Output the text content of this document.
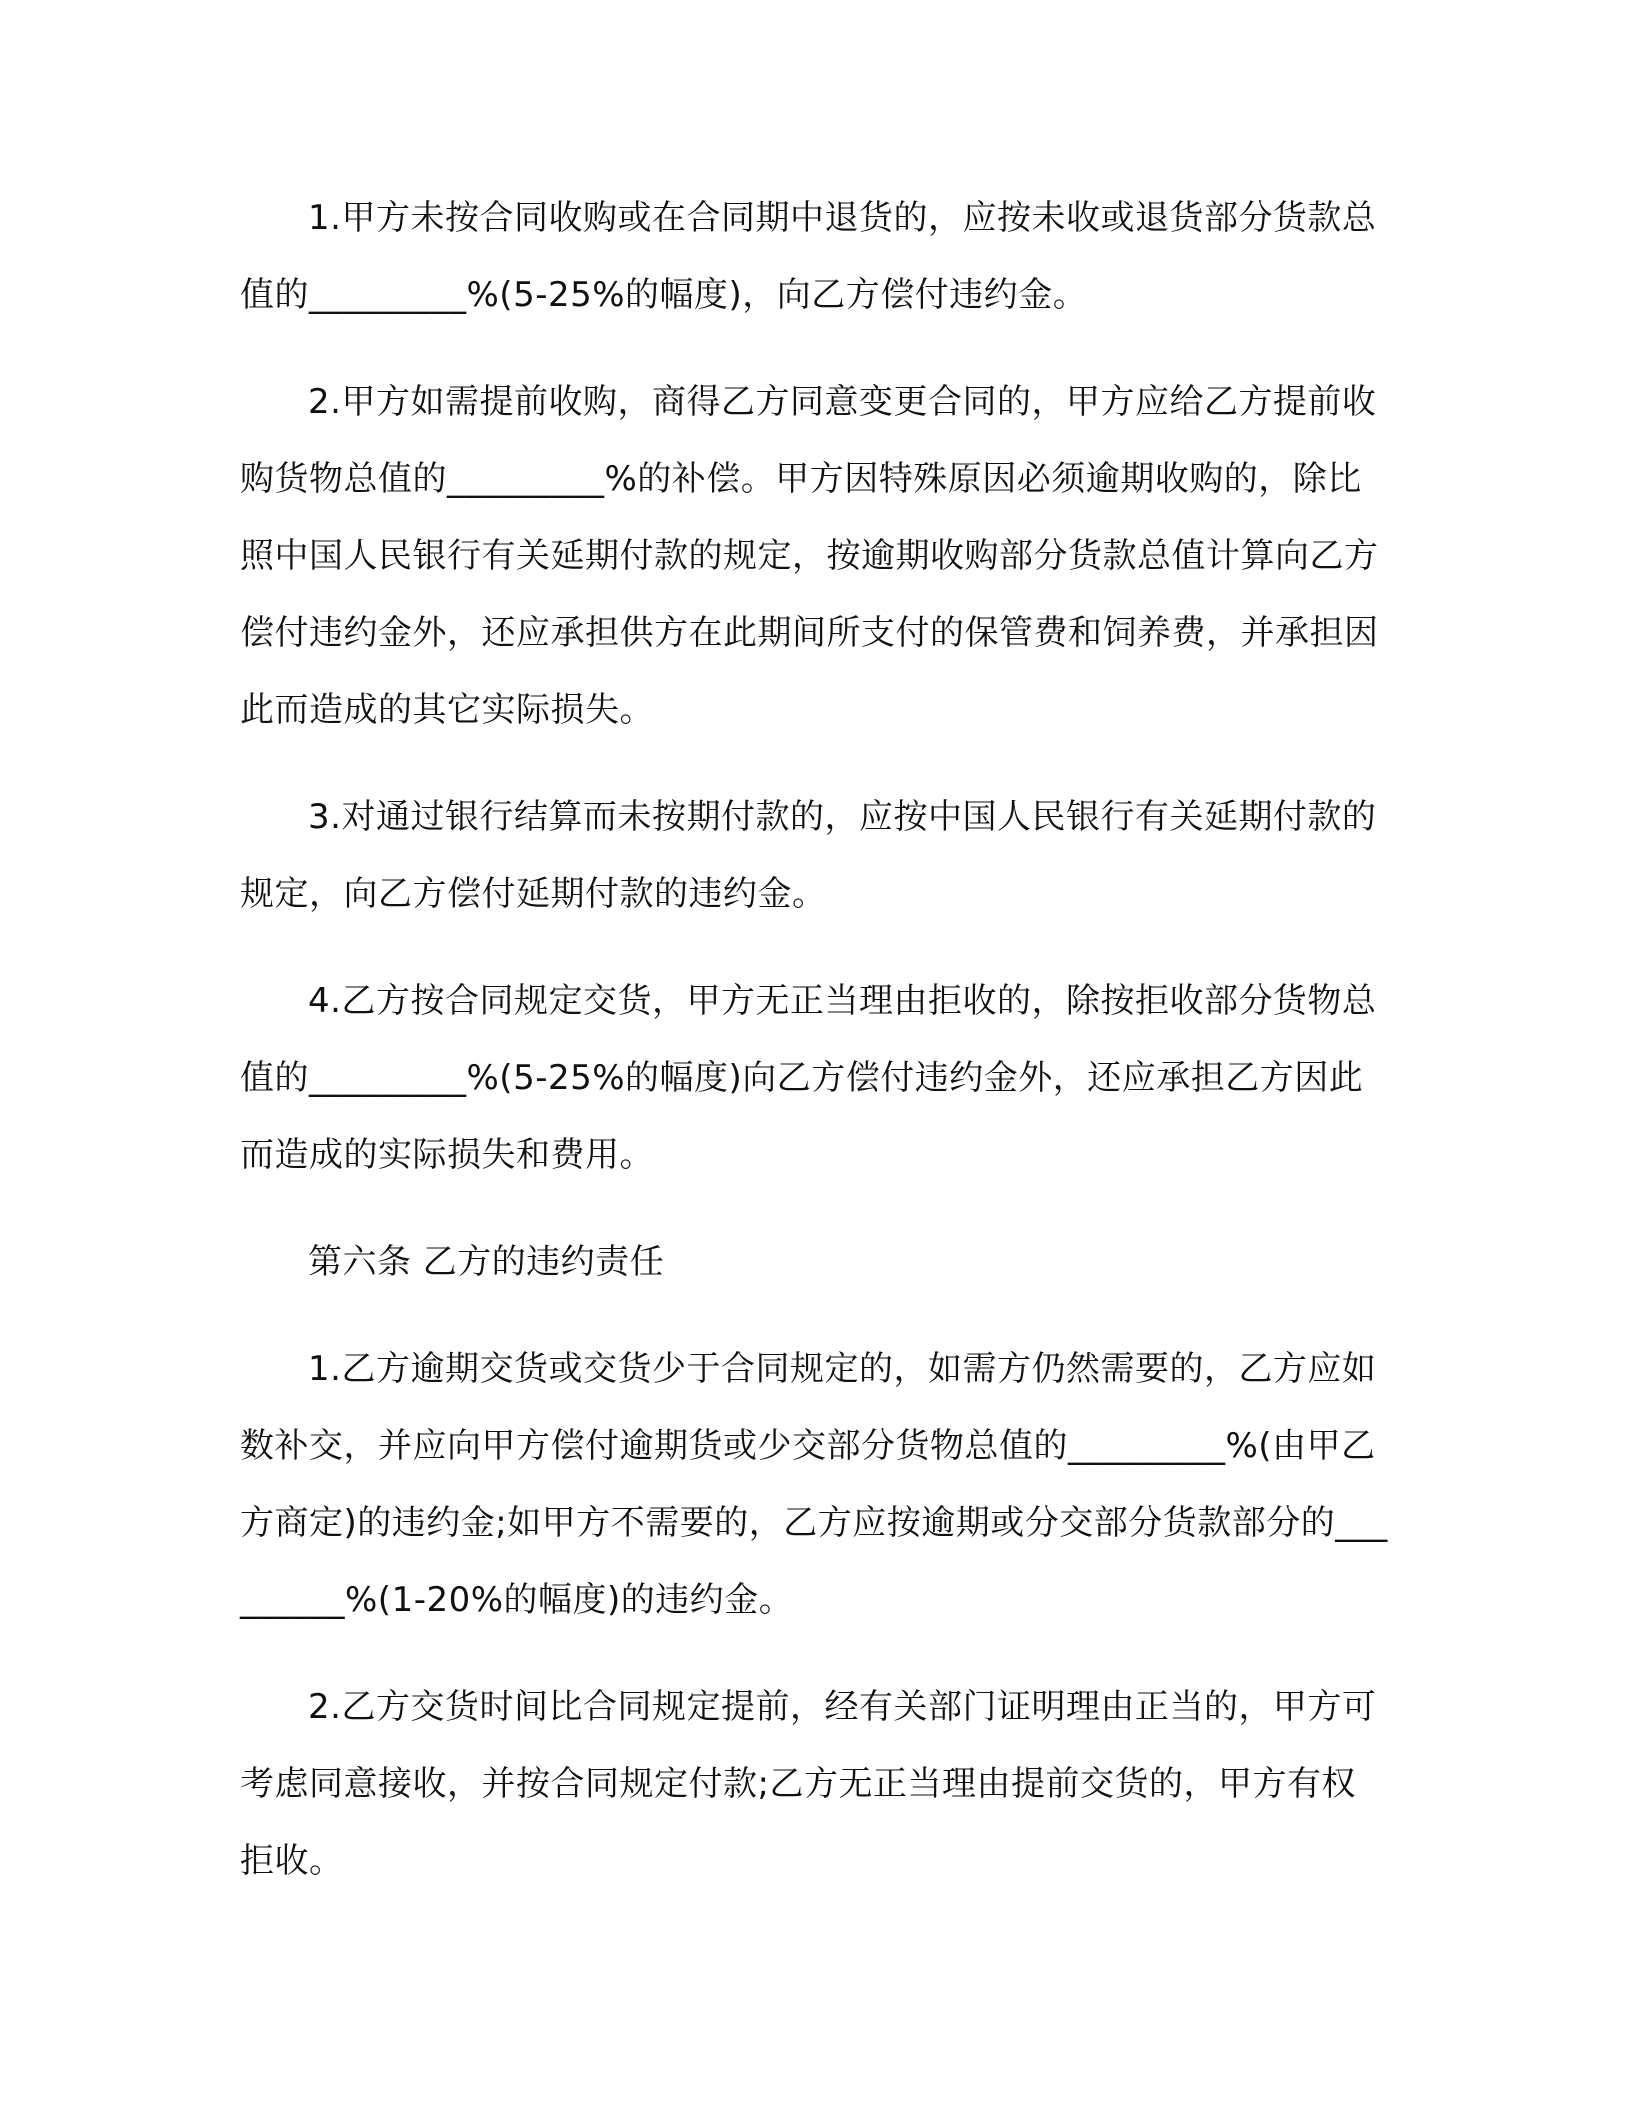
1.甲方未按合同收购或在合同期中退货的，应按未收或退货部分货款总值的_________%(5-25%的幅度)，向乙方偿付违约金。

2.甲方如需提前收购，商得乙方同意变更合同的，甲方应给乙方提前收购货物总值的_________%的补偿。甲方因特殊原因必须逾期收购的，除比照中国人民银行有关延期付款的规定，按逾期收购部分货款总值计算向乙方偿付违约金外，还应承担供方在此期间所支付的保管费和饲养费，并承担因此而造成的其它实际损失。

3.对通过银行结算而未按期付款的，应按中国人民银行有关延期付款的规定，向乙方偿付延期付款的违约金。

4.乙方按合同规定交货，甲方无正当理由拒收的，除按拒收部分货物总值的_________%(5-25%的幅度)向乙方偿付违约金外，还应承担乙方因此而造成的实际损失和费用。

第六条 乙方的违约责任

1.乙方逾期交货或交货少于合同规定的，如需方仍然需要的，乙方应如数补交，并应向甲方偿付逾期货或少交部分货物总值的_________%(由甲乙方商定)的违约金;如甲方不需要的，乙方应按逾期或分交部分货款部分的_________%(1-20%的幅度)的违约金。

2.乙方交货时间比合同规定提前，经有关部门证明理由正当的，甲方可考虑同意接收，并按合同规定付款;乙方无正当理由提前交货的，甲方有权拒收。
